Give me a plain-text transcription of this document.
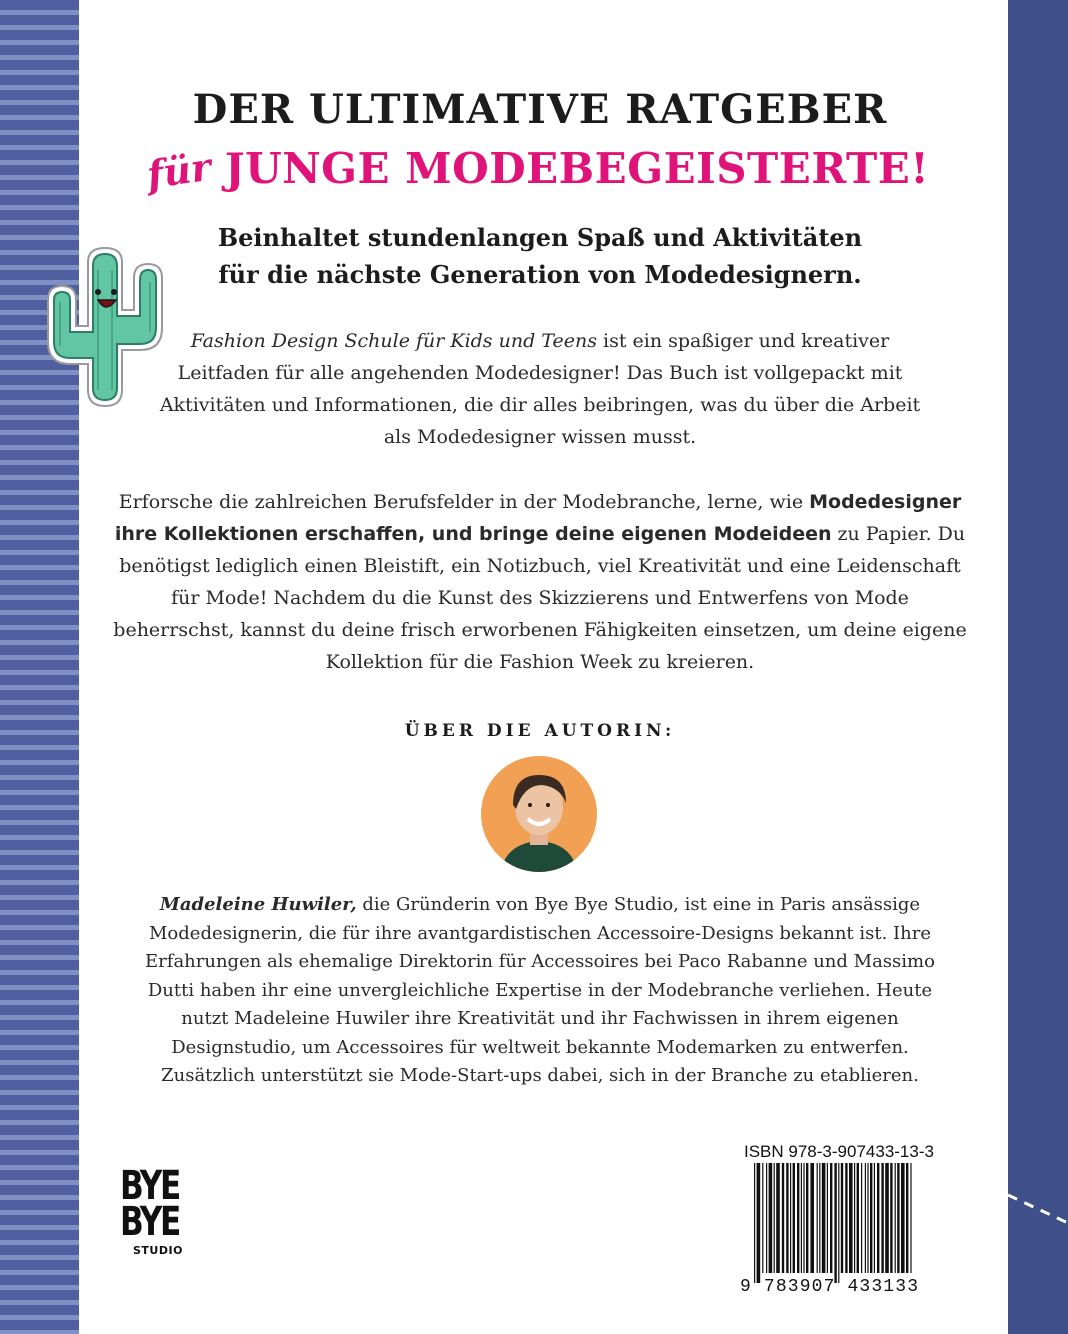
DER ULTIMATIVE RATGEBER
für JUNGE MODEBEGEISTERTE!
Beinhaltet stundenlangen Spaß und Aktivitäten
für die nächste Generation von Modedesignern.
Fashion Design Schule für Kids und Teens ist ein spaßiger und kreativer Leitfaden für alle angehenden Modedesigner! Das Buch ist vollgepackt mit Aktivitäten und Informationen, die dir alles beibringen, was du über die Arbeit als Modedesigner wissen musst.
Erforsche die zahlreichen Berufsfelder in der Modebranche, lerne, wie Modedesigner ihre Kollektionen erschaffen, und bringe deine eigenen Modeideen zu Papier. Du benötigst lediglich einen Bleistift, ein Notizbuch, viel Kreativität und eine Leidenschaft für Mode! Nachdem du die Kunst des Skizzierens und Entwerfens von Mode beherrschst, kannst du deine frisch erworbenen Fähigkeiten einsetzen, um deine eigene Kollektion für die Fashion Week zu kreieren.
ÜBER DIE AUTORIN:
Madeleine Huwiler, die Gründerin von Bye Bye Studio, ist eine in Paris ansässige Modedesignerin, die für ihre avantgardistischen Accessoire-Designs bekannt ist. Ihre Erfahrungen als ehemalige Direktorin für Accessoires bei Paco Rabanne und Massimo Dutti haben ihr eine unvergleichliche Expertise in der Modebranche verliehen. Heute nutzt Madeleine Huwiler ihre Kreativität und ihr Fachwissen in ihrem eigenen Designstudio, um Accessoires für weltweit bekannte Modemarken zu entwerfen. Zusätzlich unterstützt sie Mode-Start-ups dabei, sich in der Branche zu etablieren.
BYE
BYE
STUDIO
ISBN 978-3-907433-13-3
9 783907 433133
